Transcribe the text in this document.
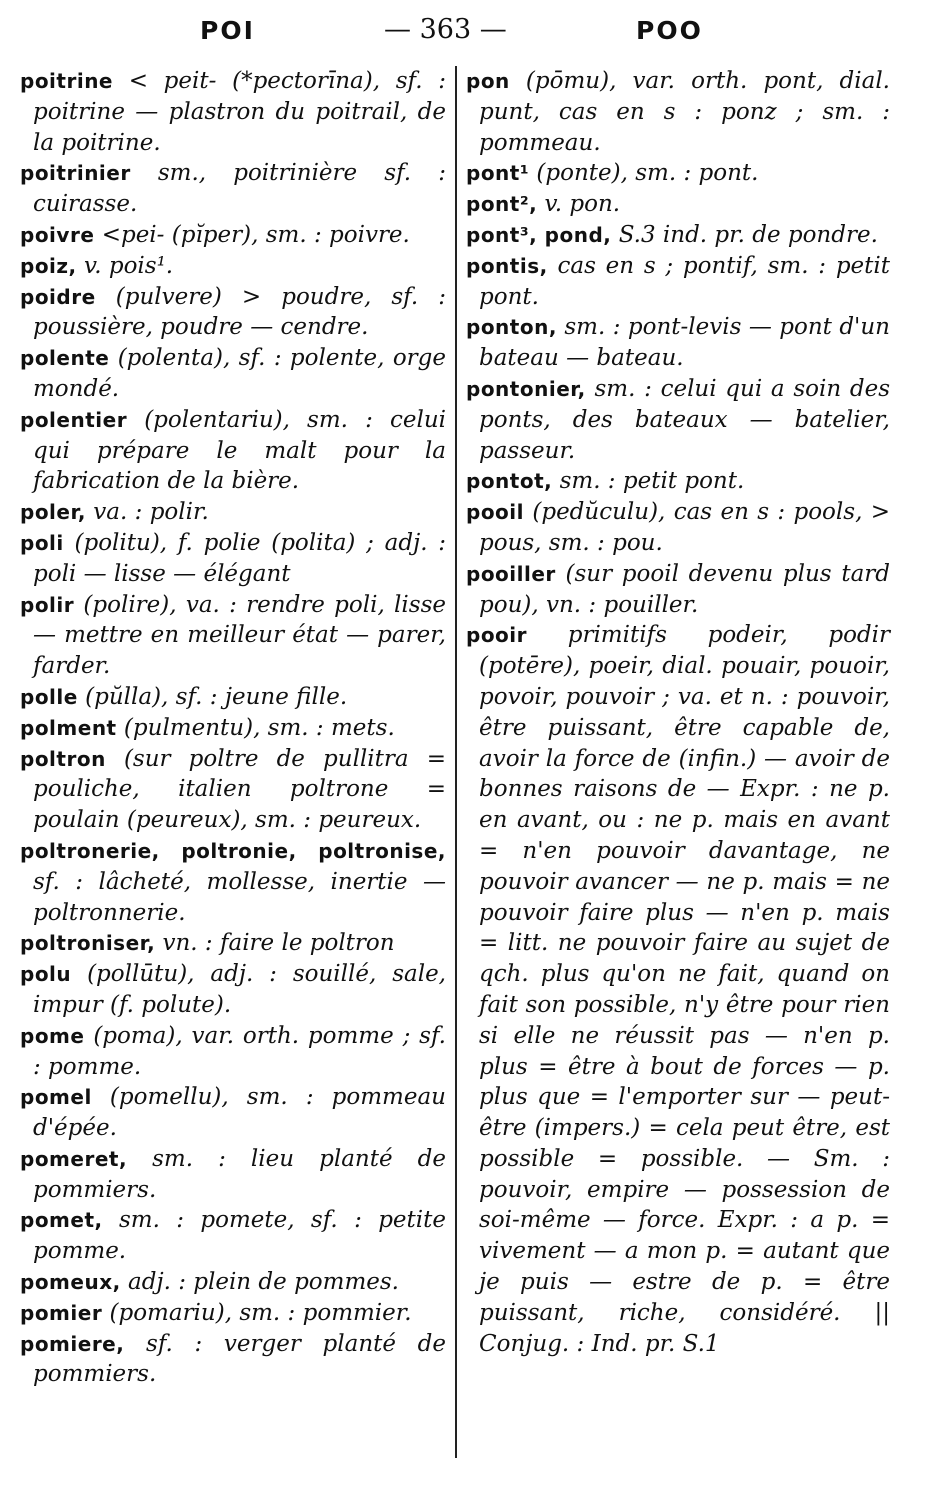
POI	— 363 —	POO

poitrine < peit- (*pectorīna), sf. : poitrine — plastron du poitrail, de la poitrine.

poitrinier sm., poitrinière sf. : cuirasse.

poivre <pei- (pĭper), sm. : poivre.

poiz, v. pois¹.

poidre (pulvere) > poudre, sf. : poussière, poudre — cendre.

polente (polenta), sf. : polente, orge mondé.

polentier (polentariu), sm. : celui qui prépare le malt pour la fabrication de la bière.

poler, va. : polir.

poli (politu), f. polie (polita) ; adj. : poli — lisse — élégant

polir (polire), va. : rendre poli, lisse — mettre en meilleur état — parer, farder.

polle (pŭlla), sf. : jeune fille.

polment (pulmentu), sm. : mets.

poltron (sur poltre de pullitra = pouliche, italien poltrone = poulain (peureux), sm. : peureux.

poltronerie, poltronie, poltronise, sf. : lâcheté, mollesse, inertie — poltronnerie.

poltroniser, vn. : faire le poltron

polu (pollūtu), adj. : souillé, sale, impur (f. polute).

pome (poma), var. orth. pomme ; sf. : pomme.

pomel (pomellu), sm. : pommeau d'épée.

pomeret, sm. : lieu planté de pommiers.

pomet, sm. : pomete, sf. : petite pomme.

pomeux, adj. : plein de pommes.

pomier (pomariu), sm. : pommier.

pomiere, sf. : verger planté de pommiers.

pon (pōmu), var. orth. pont, dial. punt, cas en s : ponz ; sm. : pommeau.

pont¹ (ponte), sm. : pont.

pont², v. pon.

pont³, pond, S.3 ind. pr. de pondre.

pontis, cas en s ; pontif, sm. : petit pont.

ponton, sm. : pont-levis — pont d'un bateau — bateau.

pontonier, sm. : celui qui a soin des ponts, des bateaux — batelier, passeur.

pontot, sm. : petit pont.

pooil (pedŭculu), cas en s : pools, > pous, sm. : pou.

pooiller (sur pooil devenu plus tard pou), vn. : pouiller.

pooir primitifs podeir, podir (potēre), poeir, dial. pouair, pouoir, povoir, pouvoir ; va. et n. : pouvoir, être puissant, être capable de, avoir la force de (infin.) — avoir de bonnes raisons de — Expr. : ne p. en avant, ou : ne p. mais en avant = n'en pouvoir davantage, ne pouvoir avancer — ne p. mais = ne pouvoir faire plus — n'en p. mais = litt. ne pouvoir faire au sujet de qch. plus qu'on ne fait, quand on fait son possible, n'y être pour rien si elle ne réussit pas — n'en p. plus = être à bout de forces — p. plus que = l'emporter sur — peut-être (impers.) = cela peut être, est possible = possible. — Sm. : pouvoir, empire — possession de soi-même — force. Expr. : a p. = vivement — a mon p. = autant que je puis — estre de p. = être puissant, riche, considéré. || Conjug. : Ind. pr. S.1
